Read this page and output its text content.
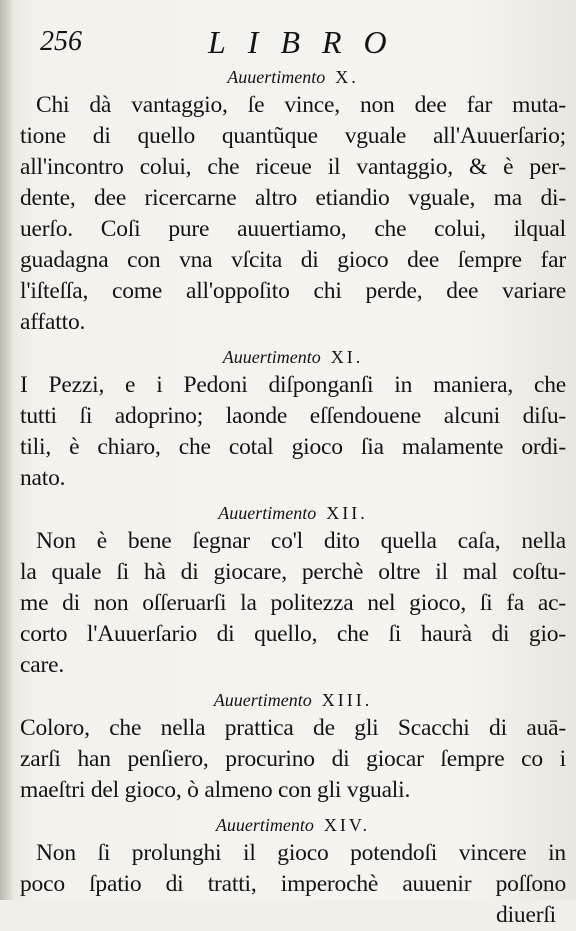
256	LIBRO
Auuertimento X.
Chi dà vantaggio, ſe vince, non dee far muta-
tione di quello quantũque vguale all'Auuerſario;
all'incontro colui, che riceue il vantaggio, & è per-
dente, dee ricercarne altro etiandio vguale, ma di-
uerſo. Coſi pure auuertiamo, che colui, ilqual
guadagna con vna vſcita di gioco dee ſempre far
l'iſteſſa, come all'oppoſito chi perde, dee variare
affatto.
Auuertimento XI.
I Pezzi, e i Pedoni diſponganſi in maniera, che
tutti ſi adoprino; laonde eſſendouene alcuni diſu-
tili, è chiaro, che cotal gioco ſia malamente ordi-
nato.
Auuertimento XII.
Non è bene ſegnar co'l dito quella caſa, nella
la quale ſi hà di giocare, perchè oltre il mal coſtu-
me di non oſſeruarſi la politezza nel gioco, ſi fa ac-
corto l'Auuerſario di quello, che ſi haurà di gio-
care.
Auuertimento XIII.
Coloro, che nella prattica de gli Scacchi di auā-
zarſi han penſiero, procurino di giocar ſempre co i
maeſtri del gioco, ò almeno con gli vguali.
Auuertimento XIV.
Non ſi prolunghi il gioco potendoſi vincere in
poco ſpatio di tratti, imperochè auuenir poſſono
diuerſi
